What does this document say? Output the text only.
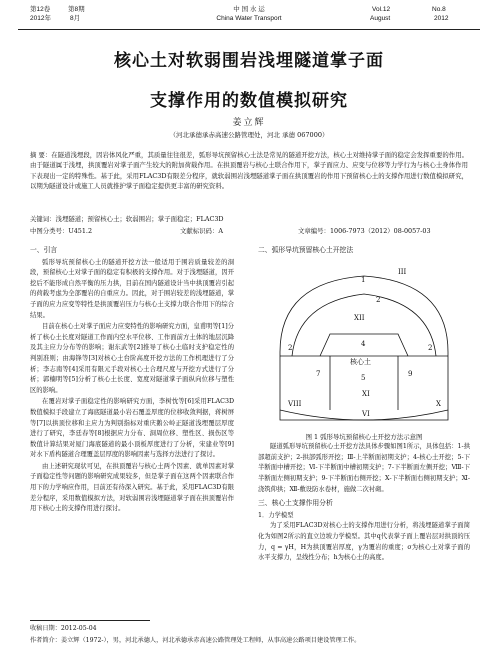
第12卷	第8期
2012年	8月
中 国 水 运
China Water Transport
Vol.12	No.8
August	2012
核心土对软弱围岩浅埋隧道掌子面
支撑作用的数值模拟研究
姜立辉
（河北承德承赤高速公路管理处，河北 承德 067000）
摘 要：在隧道浅埋段，因岩体风化严重，其质量往往很差，弧形导坑预留核心土法是常见的隧道开挖方法，核心土对维持掌子面的稳定会发挥重要的作用。由于隧道属于浅埋，拱顶覆岩对掌子面产生较大的附加荷载作用。在拱顶覆岩与核心土联合作用下，掌子面应力、应变与位移等力学行为与核心土身体作用下表现出一定的特殊性。基于此，采用FLAC3D有限差分程序，就软弱围岩浅埋隧道掌子面在拱顶覆岩的作用下预留核心土的支撑作用进行数值模拟研究，以期为隧道设计或施工人员就推护掌子面稳定提供更丰富的研究资料。
关键词：浅埋隧道；预留核心土；软弱围岩；掌子面稳定；FLAC3D
中图分类号：U451.2	文献标识码：A	文章编号：1006-7973（2012）08-0057-03
一、引言

弧形导坑预留核心土的隧道开挖方法一般适用于围岩质量较差的洞段，预留核心土对掌子面的稳定有积极的支撑作用。对于浅埋隧道，因开挖后不能形成自然平衡的压力拱，目前在国内隧道设计当中拱顶覆岩引起的荷载考虑为全部覆岩的自重应力。因此，对于围岩较差的浅埋隧道，掌子面的应力应变等特性是拱顶覆岩压力与核心土支撑力联合作用下的综合结果。

目前在核心土对掌子面应力应变特性的影响研究方面，皇甫明等[1]分析了核心土长度对隧道工作面内空水平位移、工作面前方土体的地层沉降及其主应力分布等的影响；谢东武等[2]推导了核心土临时支护稳定性的判别准则；由海锋等[3]对核心土台阶高度开挖方法的工作机理进行了分析；李志南等[4]采用有限元手段对核心土合理尺度与开挖方式进行了分析；郭楠明等[5]分析了核心土长度、宽度对隧道掌子面纵向位移与塑性区的影响。

在覆岩对掌子面稳定性的影响研究方面，李树忱等[6]采用FLAC3D数值模拟手段建立了海底隧道最小岩石覆盖厚度的位移收敛判据，蒋树屏等[7]以拱顶位移和主应力为判别指标对重庆鹅公岭正隧道浅埋覆层厚度进行了研究，李廷春等[8]根据应力分布、洞周位移、塑性区、损伤区等数值计算结果对厦门海底隧道的最小顶板厚度进行了分析，宋建业等[9]对水下盾构隧道合理覆盖层厚度的影响因素与选择方法进行了探讨。

由上述研究现状可见，在拱顶覆岩与核心土两个因素、就单因素对掌子面稳定性等问题的影响研究成果较多，但是掌子面在这两个因素联合作用下的力学响应作用，目前还有待深入研究。基于此，采用FLAC3D有限差分程序，采用数值模拟方法，对软弱围岩浅埋隧道掌子面在拱顶覆岩作用下核心土的支撑作用进行探讨。

二、弧形导坑预留核心土开挖法
1
III
XII
2
2	4	2
核心土
7	5	9
XI
VIII
VI
X
图 1 弧形导坑预留核心土开挖方法示意图

隧道弧形导坑预留核心土开挖方法具体步骤如图1所示，具体包括：1-拱部超前支护；2-拱部弧形开挖；Ⅲ-上半断面初期支护；4-核心土开挖；5-下半断面中槽开挖；Ⅵ-下半断面中槽初期支护；7-下半断面左侧开挖；Ⅷ-下半断面左侧初期支护；9-下半断面右侧开挖；Ⅹ-下半断面右侧初期支护；Ⅺ-浇筑仰拱；Ⅻ-敷设防水卷材，施做二次衬砌。

三、核心土支撑作用分析
1．力学模型

为了采用FLAC3D对核心土的支撑作用进行分析，将浅埋隧道掌子面简化为如图2所示的直立边坡力学模型。其中q代表掌子面上覆岩层对拱顶的压力，q = γH，H为拱顶覆岩厚度，γ为覆岩的重度；σ为核心土对掌子面的水平支撑力，呈线性分布；h为核心土的高度。

收稿日期：2012-05-04
作者简介：姜立辉（1972-），男，河北承德人，河北承德承赤高速公路管理处工程师，从事高速公路项目建设管理工作。
